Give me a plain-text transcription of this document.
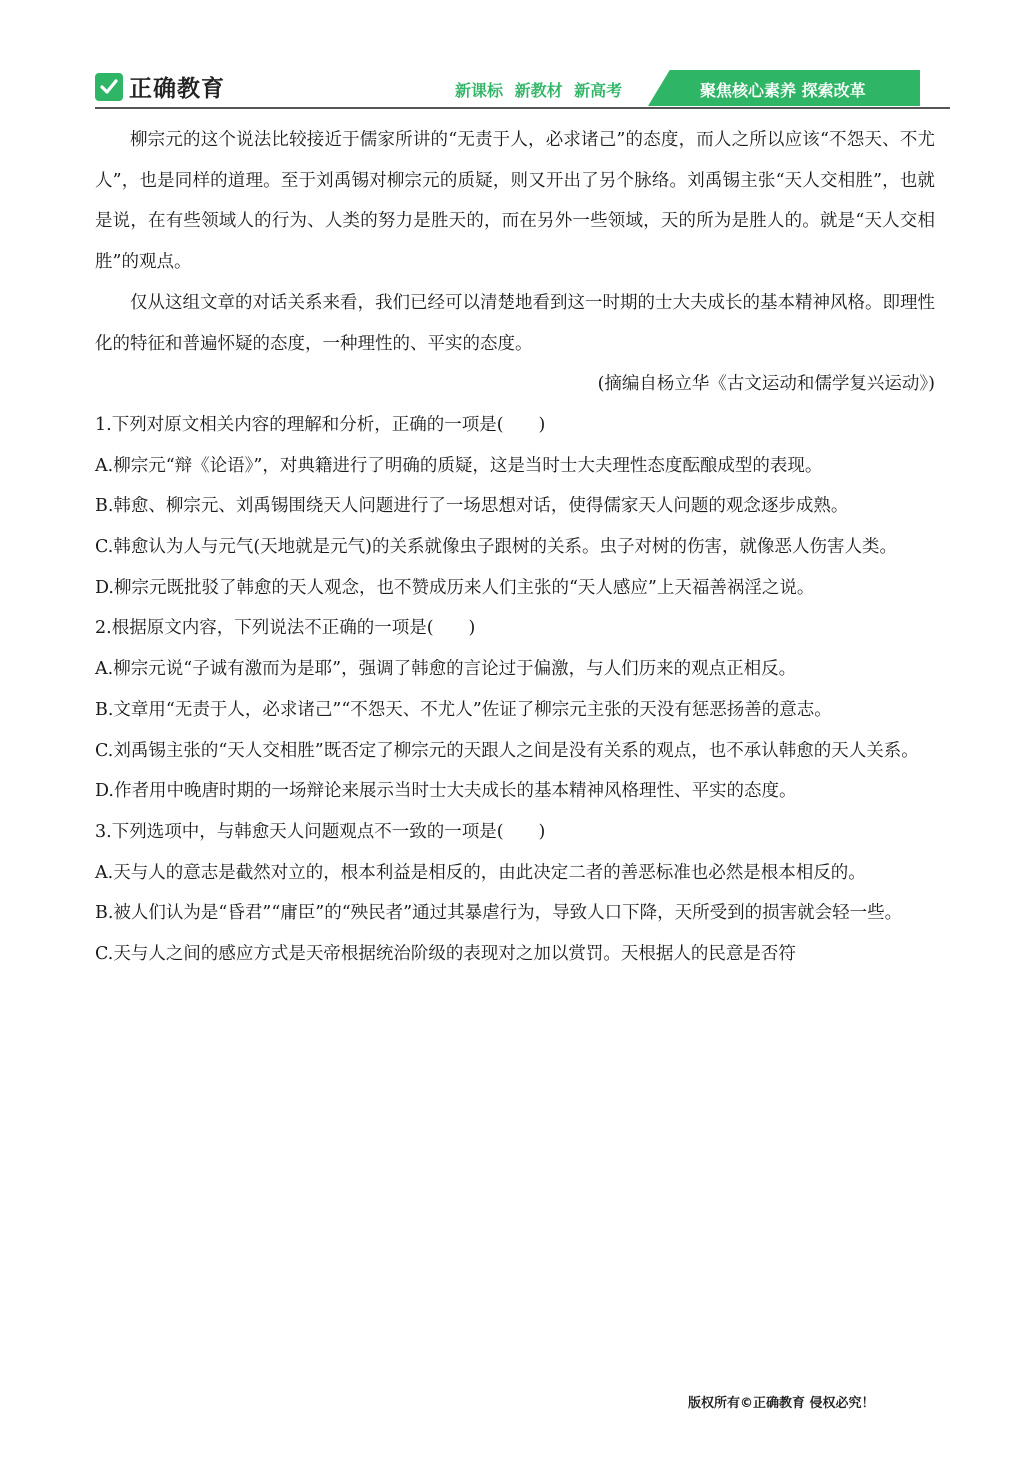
正确教育	新课标 新教材 新高考	聚焦核心素养 探索改革

柳宗元的这个说法比较接近于儒家所讲的“无责于人，必求诸己”的态度，而人之所以应该“不怨天、不尤人”，也是同样的道理。至于刘禹锡对柳宗元的质疑，则又开出了另个脉络。刘禹锡主张“天人交相胜”，也就是说，在有些领域人的行为、人类的努力是胜天的，而在另外一些领域，天的所为是胜人的。就是“天人交相胜”的观点。

仅从这组文章的对话关系来看，我们已经可以清楚地看到这一时期的士大夫成长的基本精神风格。即理性化的特征和普遍怀疑的态度，一种理性的、平实的态度。

(摘编自杨立华《古文运动和儒学复兴运动》)

1.下列对原文相关内容的理解和分析，正确的一项是(　　)

A.柳宗元“辩《论语》”，对典籍进行了明确的质疑，这是当时士大夫理性态度酝酿成型的表现。

B.韩愈、柳宗元、刘禹锡围绕天人问题进行了一场思想对话，使得儒家天人问题的观念逐步成熟。

C.韩愈认为人与元气(天地就是元气)的关系就像虫子跟树的关系。虫子对树的伤害，就像恶人伤害人类。

D.柳宗元既批驳了韩愈的天人观念，也不赞成历来人们主张的“天人感应”上天福善祸淫之说。

2.根据原文内容，下列说法不正确的一项是(　　)

A.柳宗元说“子诚有激而为是耶”，强调了韩愈的言论过于偏激，与人们历来的观点正相反。

B.文章用“无责于人，必求诸己”“不怨天、不尤人”佐证了柳宗元主张的天没有惩恶扬善的意志。

C.刘禹锡主张的“天人交相胜”既否定了柳宗元的天跟人之间是没有关系的观点，也不承认韩愈的天人关系。

D.作者用中晚唐时期的一场辩论来展示当时士大夫成长的基本精神风格理性、平实的态度。

3.下列选项中，与韩愈天人问题观点不一致的一项是(　　)

A.天与人的意志是截然对立的，根本利益是相反的，由此决定二者的善恶标准也必然是根本相反的。

B.被人们认为是“昏君”“庸臣”的“殃民者”通过其暴虐行为，导致人口下降，天所受到的损害就会轻一些。

C.天与人之间的感应方式是天帝根据统治阶级的表现对之加以赏罚。天根据人的民意是否符

版权所有©正确教育 侵权必究！
